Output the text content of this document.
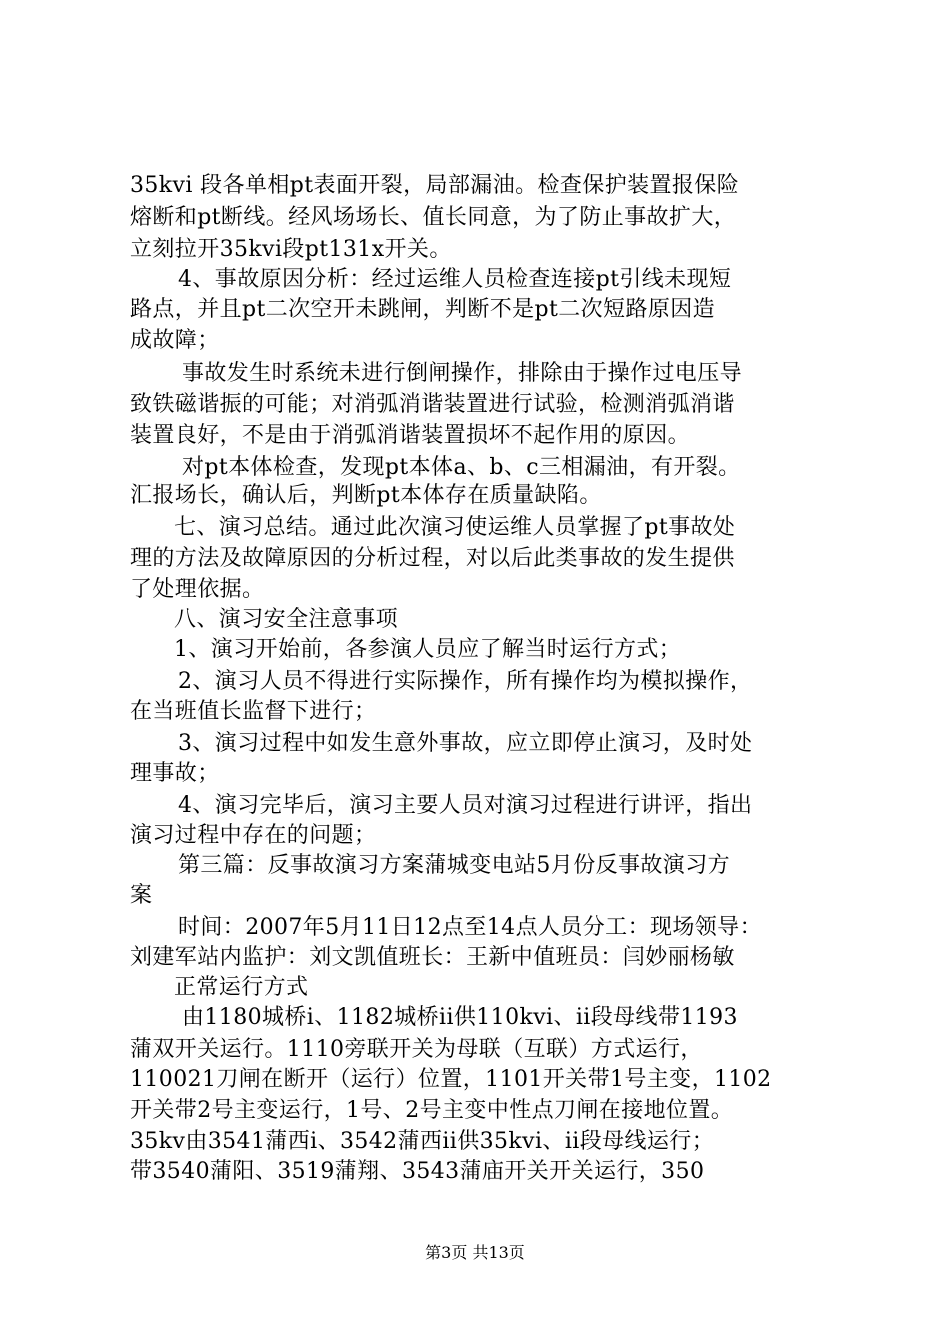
35kvi 段各单相pt表面开裂，局部漏油。检查保护装置报保险
熔断和pt断线。经风场场长、值长同意，为了防止事故扩大，
立刻拉开35kvi段pt131x开关。
4、事故原因分析：经过运维人员检查连接pt引线未现短
路点，并且pt二次空开未跳闸，判断不是pt二次短路原因造
成故障；
事故发生时系统未进行倒闸操作，排除由于操作过电压导
致铁磁谐振的可能；对消弧消谐装置进行试验，检测消弧消谐
装置良好，不是由于消弧消谐装置损坏不起作用的原因。
对pt本体检查，发现pt本体a、b、c三相漏油，有开裂。
汇报场长，确认后，判断pt本体存在质量缺陷。
七、演习总结。通过此次演习使运维人员掌握了pt事故处
理的方法及故障原因的分析过程，对以后此类事故的发生提供
了处理依据。
八、演习安全注意事项
1、演习开始前，各参演人员应了解当时运行方式；
2、演习人员不得进行实际操作，所有操作均为模拟操作，
在当班值长监督下进行；
3、演习过程中如发生意外事故，应立即停止演习，及时处
理事故；
4、演习完毕后，演习主要人员对演习过程进行讲评，指出
演习过程中存在的问题；
第三篇：反事故演习方案蒲城变电站5月份反事故演习方
案
时间：2007年5月11日12点至14点人员分工：现场领导：
刘建军站内监护：刘文凯值班长：王新中值班员：闫妙丽杨敏
正常运行方式
由1180城桥i、1182城桥ii供110kvi、ii段母线带1193
蒲双开关运行。1110旁联开关为母联（互联）方式运行，
110021刀闸在断开（运行）位置，1101开关带1号主变，1102
开关带2号主变运行，1号、2号主变中性点刀闸在接地位置。
35kv由3541蒲西i、3542蒲西ii供35kvi、ii段母线运行；
带3540蒲阳、3519蒲翔、3543蒲庙开关开关运行，350
第3页 共13页
